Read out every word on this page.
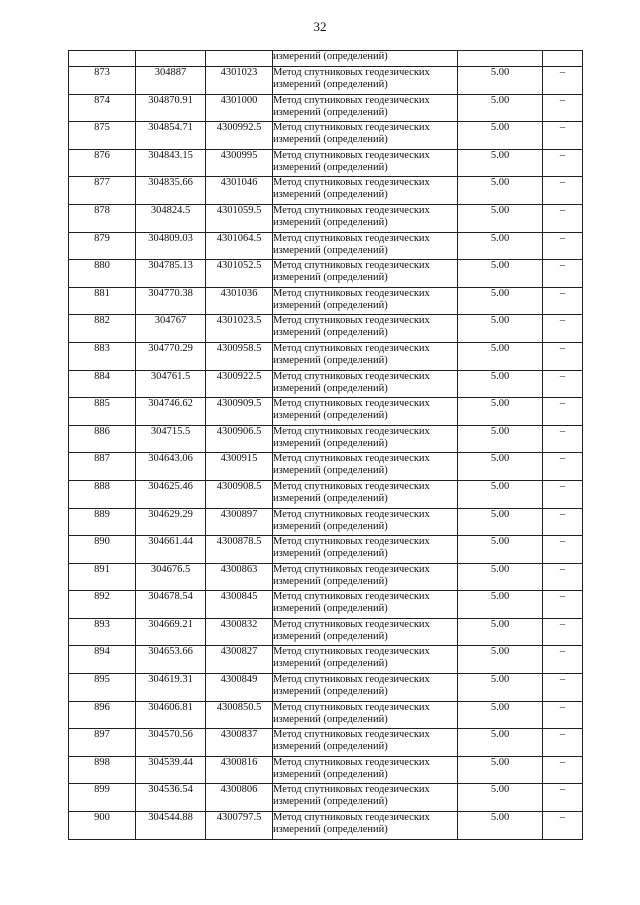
32
			измерений (определений)		
873	304887	4301023	Метод спутниковых геодезических
измерений (определений)	5.00	–
874	304870.91	4301000	Метод спутниковых геодезических
измерений (определений)	5.00	–
875	304854.71	4300992.5	Метод спутниковых геодезических
измерений (определений)	5.00	–
876	304843.15	4300995	Метод спутниковых геодезических
измерений (определений)	5.00	–
877	304835.66	4301046	Метод спутниковых геодезических
измерений (определений)	5.00	–
878	304824.5	4301059.5	Метод спутниковых геодезических
измерений (определений)	5.00	–
879	304809.03	4301064.5	Метод спутниковых геодезических
измерений (определений)	5.00	–
880	304785.13	4301052.5	Метод спутниковых геодезических
измерений (определений)	5.00	–
881	304770.38	4301036	Метод спутниковых геодезических
измерений (определений)	5.00	–
882	304767	4301023.5	Метод спутниковых геодезических
измерений (определений)	5.00	–
883	304770.29	4300958.5	Метод спутниковых геодезических
измерений (определений)	5.00	–
884	304761.5	4300922.5	Метод спутниковых геодезических
измерений (определений)	5.00	–
885	304746.62	4300909.5	Метод спутниковых геодезических
измерений (определений)	5.00	–
886	304715.5	4300906.5	Метод спутниковых геодезических
измерений (определений)	5.00	–
887	304643.06	4300915	Метод спутниковых геодезических
измерений (определений)	5.00	–
888	304625.46	4300908.5	Метод спутниковых геодезических
измерений (определений)	5.00	–
889	304629.29	4300897	Метод спутниковых геодезических
измерений (определений)	5.00	–
890	304661.44	4300878.5	Метод спутниковых геодезических
измерений (определений)	5.00	–
891	304676.5	4300863	Метод спутниковых геодезических
измерений (определений)	5.00	–
892	304678.54	4300845	Метод спутниковых геодезических
измерений (определений)	5.00	–
893	304669.21	4300832	Метод спутниковых геодезических
измерений (определений)	5.00	–
894	304653.66	4300827	Метод спутниковых геодезических
измерений (определений)	5.00	–
895	304619.31	4300849	Метод спутниковых геодезических
измерений (определений)	5.00	–
896	304606.81	4300850.5	Метод спутниковых геодезических
измерений (определений)	5.00	–
897	304570.56	4300837	Метод спутниковых геодезических
измерений (определений)	5.00	–
898	304539.44	4300816	Метод спутниковых геодезических
измерений (определений)	5.00	–
899	304536.54	4300806	Метод спутниковых геодезических
измерений (определений)	5.00	–
900	304544.88	4300797.5	Метод спутниковых геодезических
измерений (определений)	5.00	–
